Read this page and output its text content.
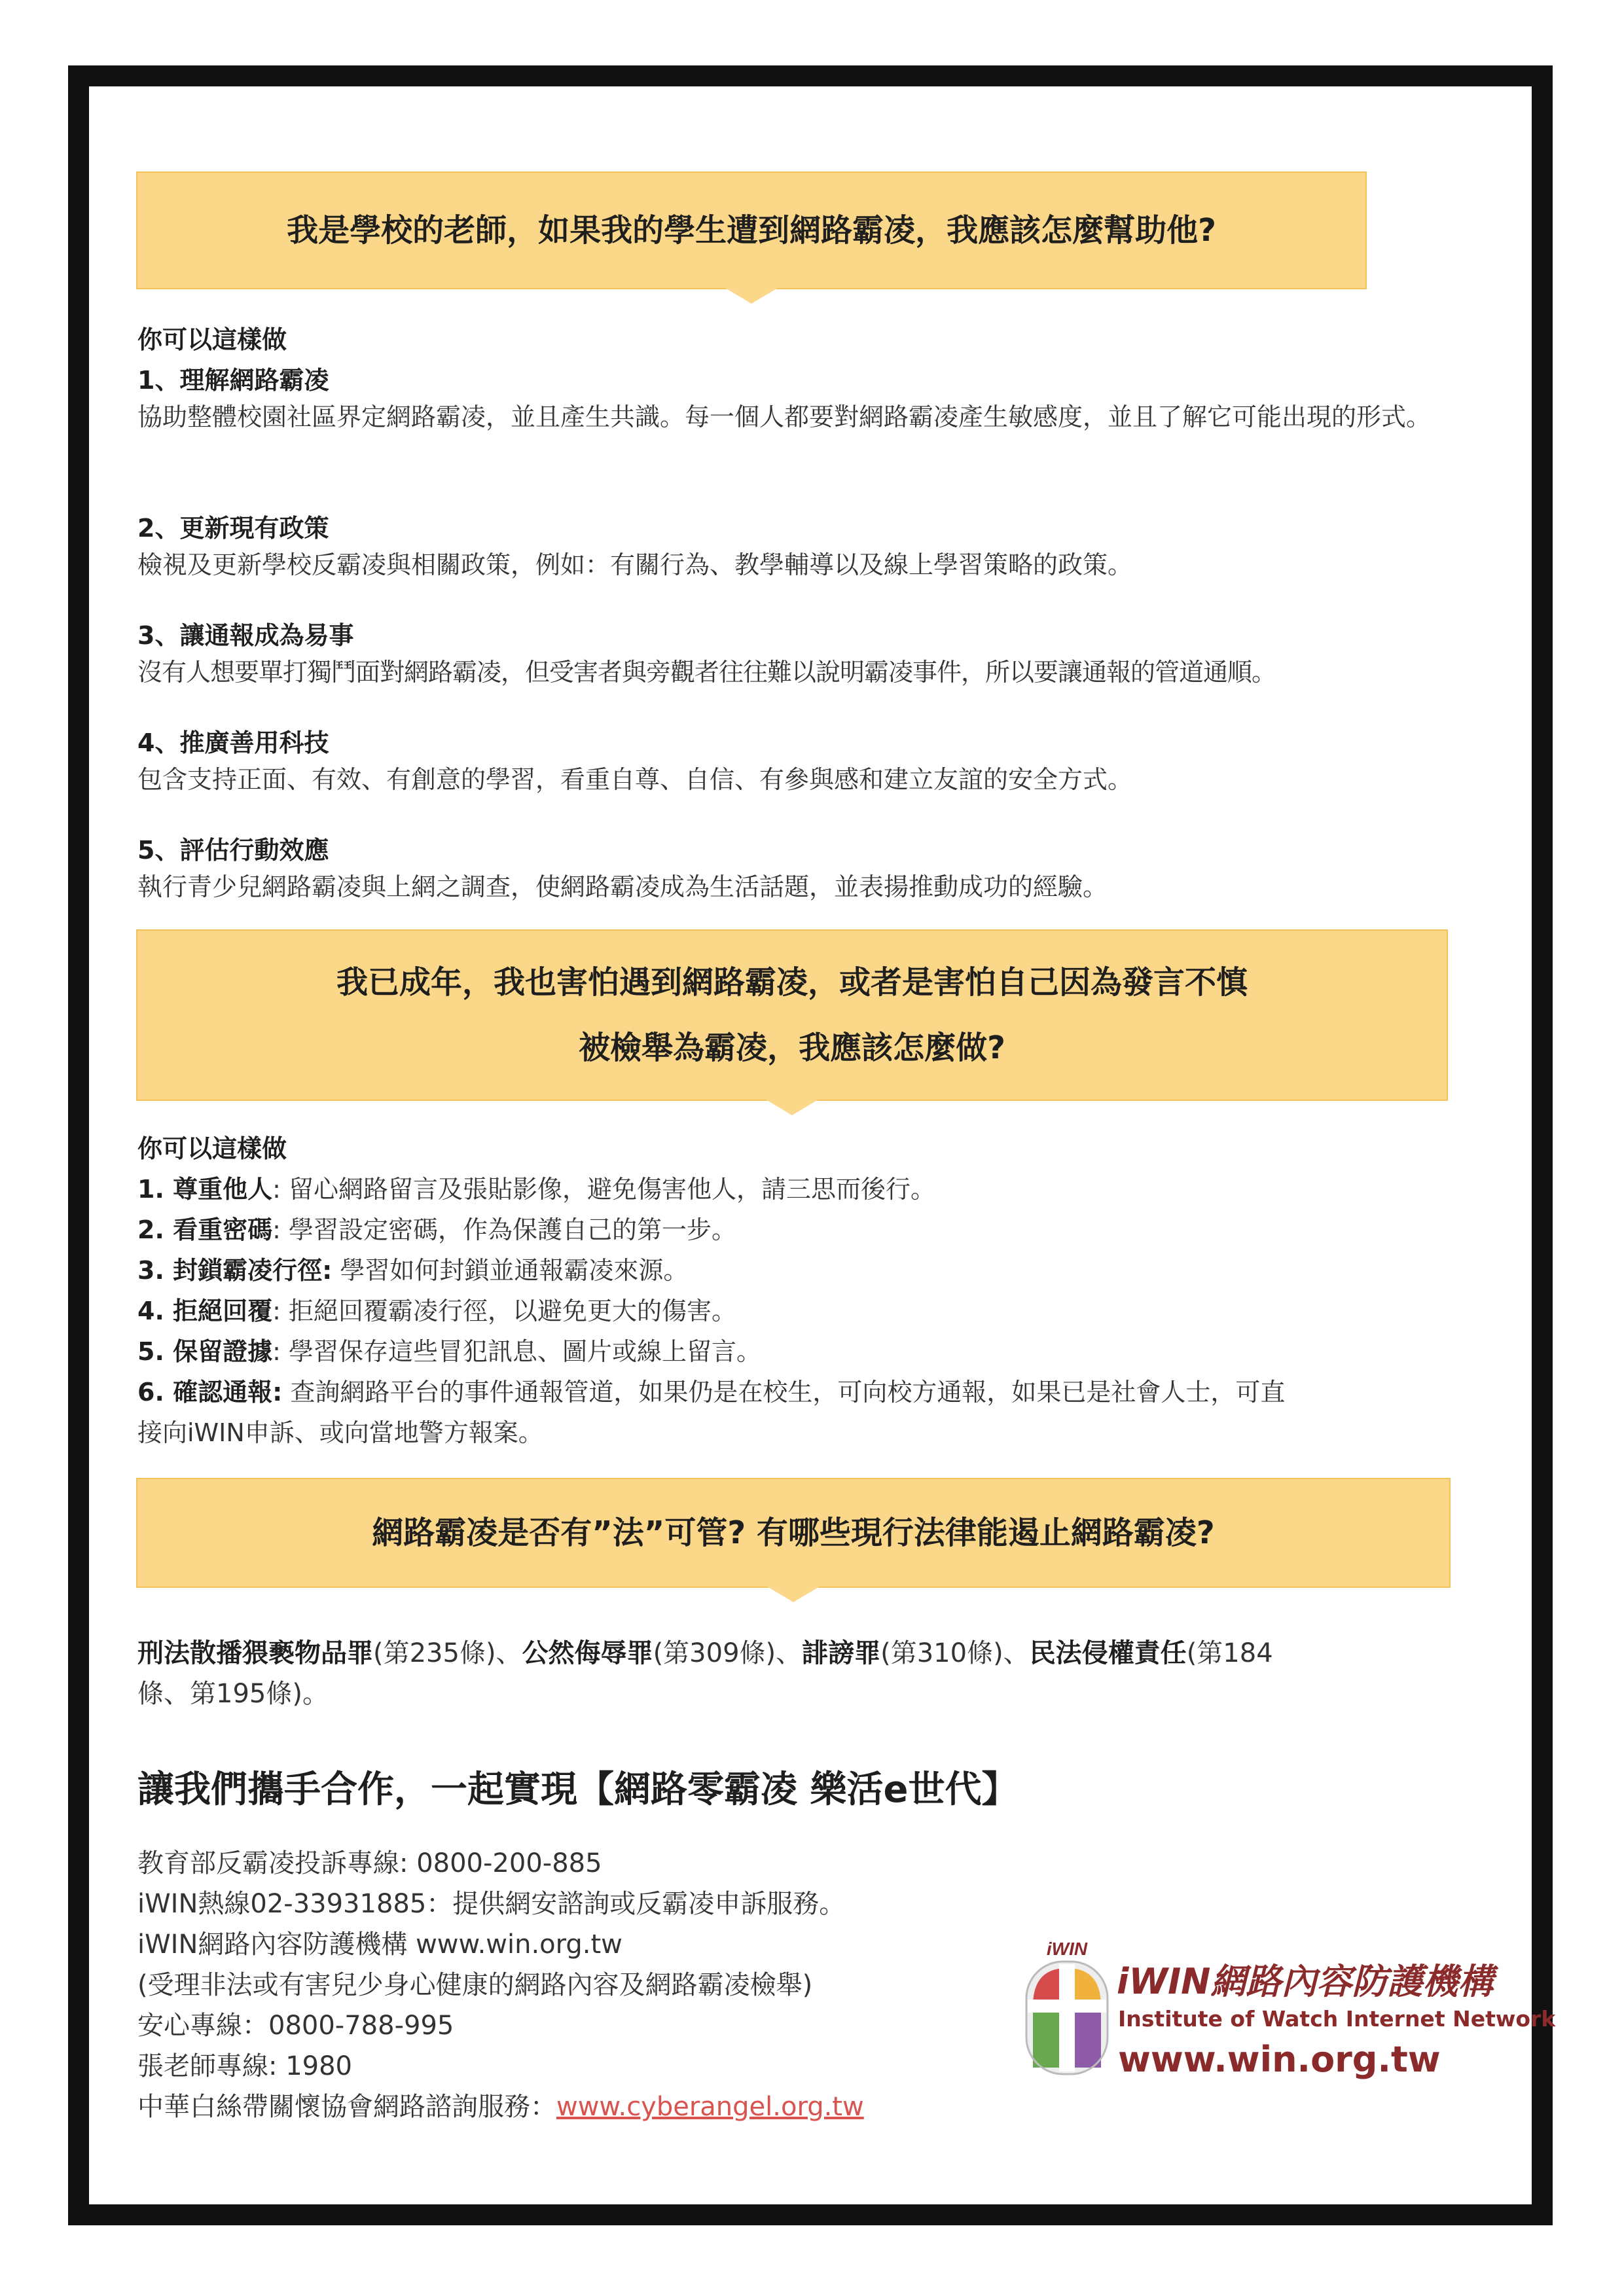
我是學校的老師，如果我的學生遭到網路霸凌，我應該怎麼幫助他?
你可以這樣做
1、理解網路霸凌
協助整體校園社區界定網路霸凌，並且產生共識。每一個人都要對網路霸凌產生敏感度，並且了解它可能出現的形式。
2、更新現有政策
檢視及更新學校反霸凌與相關政策，例如：有關行為、教學輔導以及線上學習策略的政策。
3、讓通報成為易事
沒有人想要單打獨鬥面對網路霸凌，但受害者與旁觀者往往難以說明霸凌事件，所以要讓通報的管道通順。
4、推廣善用科技
包含支持正面、有效、有創意的學習，看重自尊、自信、有參與感和建立友誼的安全方式。
5、評估行動效應
執行青少兒網路霸凌與上網之調查，使網路霸凌成為生活話題，並表揚推動成功的經驗。
我已成年，我也害怕遇到網路霸凌，或者是害怕自己因為發言不慎
被檢舉為霸凌，我應該怎麼做?
你可以這樣做
1. 尊重他人: 留心網路留言及張貼影像，避免傷害他人，請三思而後行。
2. 看重密碼: 學習設定密碼，作為保護自己的第一步。
3. 封鎖霸凌行徑: 學習如何封鎖並通報霸凌來源。
4. 拒絕回覆: 拒絕回覆霸凌行徑，以避免更大的傷害。
5. 保留證據: 學習保存這些冒犯訊息、圖片或線上留言。
6. 確認通報: 查詢網路平台的事件通報管道，如果仍是在校生，可向校方通報，如果已是社會人士，可直
接向iWIN申訴、或向當地警方報案。
網路霸凌是否有”法”可管? 有哪些現行法律能遏止網路霸凌?
刑法散播猥褻物品罪(第235條)、公然侮辱罪(第309條)、誹謗罪(第310條)、民法侵權責任(第184
條、第195條)。
讓我們攜手合作，一起實現【網路零霸凌 樂活e世代】
教育部反霸凌投訴專線: 0800-200-885
iWIN熱線02-33931885：提供網安諮詢或反霸凌申訴服務。
iWIN網路內容防護機構 www.win.org.tw
(受理非法或有害兒少身心健康的網路內容及網路霸凌檢舉)
安心專線：0800-788-995
張老師專線: 1980
中華白絲帶關懷協會網路諮詢服務：www.cyberangel.org.tw
iWIN
iWIN網路內容防護機構
Institute of Watch Internet Network
www.win.org.tw
